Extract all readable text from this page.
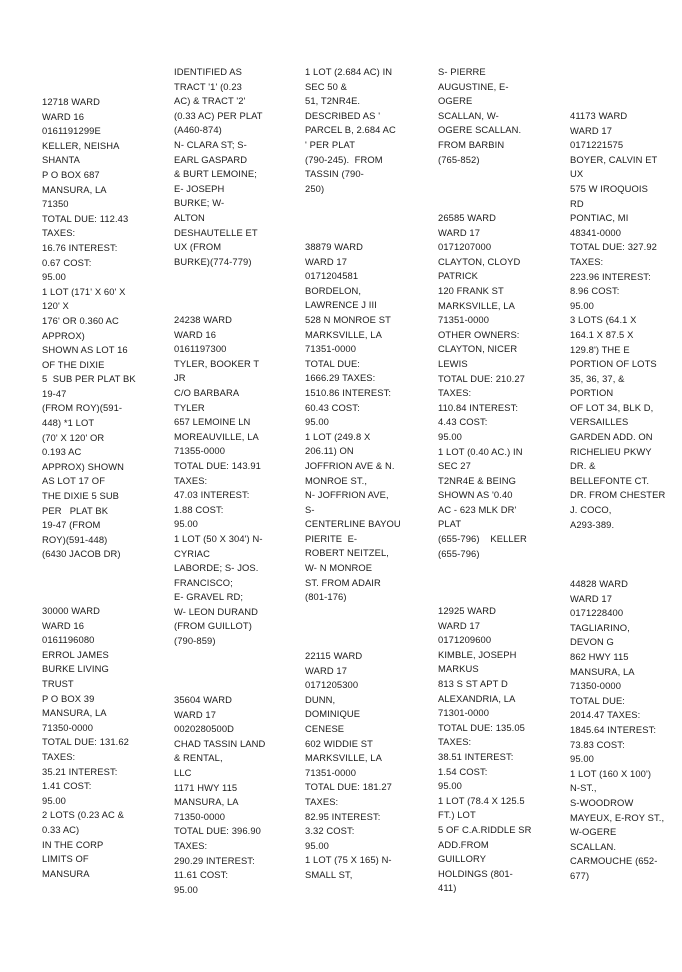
12718 WARD
WARD 16
0161191299E
KELLER, NEISHA
SHANTA
P O BOX 687
MANSURA, LA
71350
TOTAL DUE: 112.43
TAXES:
16.76 INTEREST:
0.67 COST:
95.00
1 LOT (171' X 60' X
120' X
176' OR 0.360 AC
APPROX)
SHOWN AS LOT 16
OF THE DIXIE
5  SUB PER PLAT BK
19-47
(FROM ROY)(591-
448) *1 LOT
(70' X 120' OR
0.193 AC
APPROX) SHOWN
AS LOT 17 OF
THE DIXIE 5 SUB
PER   PLAT BK
19-47 (FROM
ROY)(591-448)
(6430 JACOB DR)
30000 WARD
WARD 16
0161196080
ERROL JAMES
BURKE LIVING
TRUST
P O BOX 39
MANSURA, LA
71350-0000
TOTAL DUE: 131.62
TAXES:
35.21 INTEREST:
1.41 COST:
95.00
2 LOTS (0.23 AC &
0.33 AC)
IN THE CORP
LIMITS OF
MANSURA
IDENTIFIED AS
TRACT '1' (0.23
AC) & TRACT '2'
(0.33 AC) PER PLAT
(A460-874)
N- CLARA ST; S-
EARL GASPARD
& BURT LEMOINE;
E- JOSEPH
BURKE; W-
ALTON
DESHAUTELLE ET
UX (FROM
BURKE)(774-779)
24238 WARD
WARD 16
0161197300
TYLER, BOOKER T
JR
C/O BARBARA
TYLER
657 LEMOINE LN
MOREAUVILLE, LA
71355-0000
TOTAL DUE: 143.91
TAXES:
47.03 INTEREST:
1.88 COST:
95.00
1 LOT (50 X 304') N-
CYRIAC
LABORDE; S- JOS.
FRANCISCO;
E- GRAVEL RD;
W- LEON DURAND
(FROM GUILLOT)
(790-859)
35604 WARD
WARD 17
0020280500D
CHAD TASSIN LAND
& RENTAL,
LLC
1171 HWY 115
MANSURA, LA
71350-0000
TOTAL DUE: 396.90
TAXES:
290.29 INTEREST:
11.61 COST:
95.00
1 LOT (2.684 AC) IN
SEC 50 &
51, T2NR4E.
DESCRIBED AS '
PARCEL B, 2.684 AC
' PER PLAT
(790-245).  FROM
TASSIN (790-
250)
38879 WARD
WARD 17
0171204581
BORDELON,
LAWRENCE J III
528 N MONROE ST
MARKSVILLE, LA
71351-0000
TOTAL DUE:
1666.29 TAXES:
1510.86 INTEREST:
60.43 COST:
95.00
1 LOT (249.8 X
206.11) ON
JOFFRION AVE & N.
MONROE ST.,
N- JOFFRION AVE,
S-
CENTERLINE BAYOU
PIERITE  E-
ROBERT NEITZEL,
W- N MONROE
ST. FROM ADAIR
(801-176)
22115 WARD
WARD 17
0171205300
DUNN,
DOMINIQUE
CENESE
602 WIDDIE ST
MARKSVILLE, LA
71351-0000
TOTAL DUE: 181.27
TAXES:
82.95 INTEREST:
3.32 COST:
95.00
1 LOT (75 X 165) N-
SMALL ST,
S- PIERRE
AUGUSTINE, E-
OGERE
SCALLAN, W-
OGERE SCALLAN.
FROM BARBIN
(765-852)
26585 WARD
WARD 17
0171207000
CLAYTON, CLOYD
PATRICK
120 FRANK ST
MARKSVILLE, LA
71351-0000
OTHER OWNERS:
CLAYTON, NICER
LEWIS
TOTAL DUE: 210.27
TAXES:
110.84 INTEREST:
4.43 COST:
95.00
1 LOT (0.40 AC.) IN
SEC 27
T2NR4E & BEING
SHOWN AS '0.40
AC - 623 MLK DR'
PLAT
(655-796)    KELLER
(655-796)
12925 WARD
WARD 17
0171209600
KIMBLE, JOSEPH
MARKUS
813 S ST APT D
ALEXANDRIA, LA
71301-0000
TOTAL DUE: 135.05
TAXES:
38.51 INTEREST:
1.54 COST:
95.00
1 LOT (78.4 X 125.5
FT.) LOT
5 OF C.A.RIDDLE SR
ADD.FROM
GUILLORY
HOLDINGS (801-
411)
41173 WARD
WARD 17
0171221575
BOYER, CALVIN ET
UX
575 W IROQUOIS
RD
PONTIAC, MI
48341-0000
TOTAL DUE: 327.92
TAXES:
223.96 INTEREST:
8.96 COST:
95.00
3 LOTS (64.1 X
164.1 X 87.5 X
129.8') THE E
PORTION OF LOTS
35, 36, 37, &
PORTION
OF LOT 34, BLK D,
VERSAILLES
GARDEN ADD. ON
RICHELIEU PKWY
DR. &
BELLEFONTE CT.
DR. FROM CHESTER
J. COCO,
A293-389.
44828 WARD
WARD 17
0171228400
TAGLIARINO,
DEVON G
862 HWY 115
MANSURA, LA
71350-0000
TOTAL DUE:
2014.47 TAXES:
1845.64 INTEREST:
73.83 COST:
95.00
1 LOT (160 X 100')
N-ST.,
S-WOODROW
MAYEUX, E-ROY ST.,
W-OGERE
SCALLAN.
CARMOUCHE (652-
677)
